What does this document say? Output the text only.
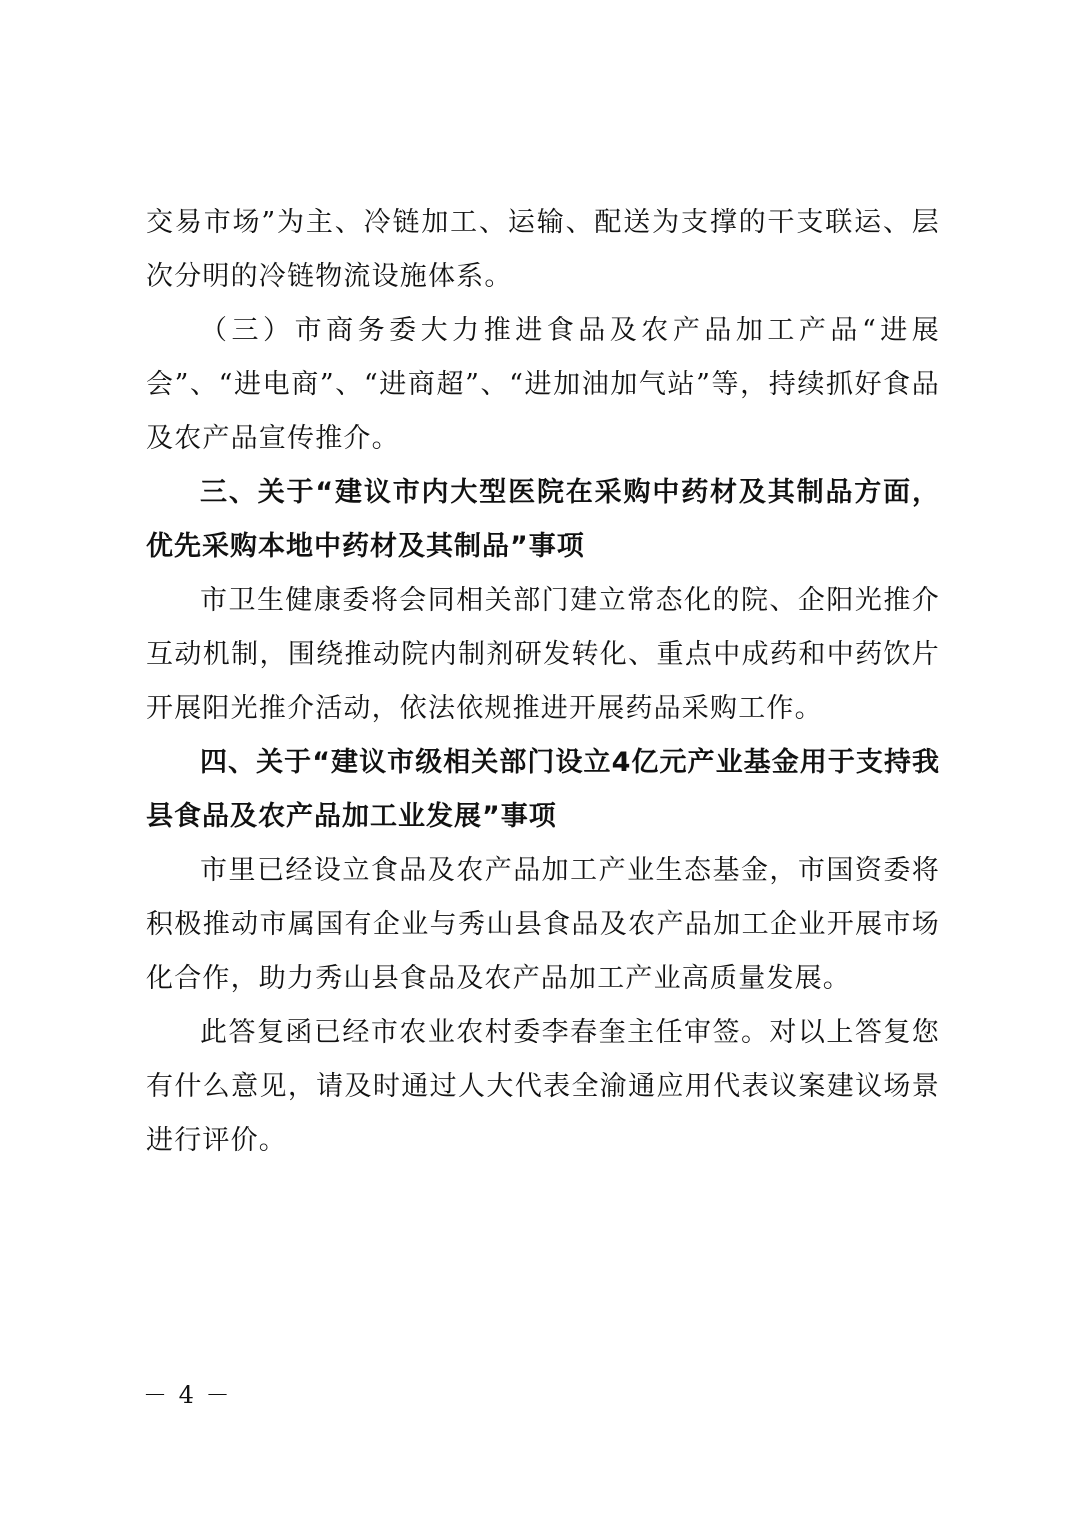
交易市场”为主、冷链加工、运输、配送为支撑的干支联运、层次分明的冷链物流设施体系。

（三）市商务委大力推进食品及农产品加工产品“进展会”、“进电商”、“进商超”、“进加油加气站”等，持续抓好食品及农产品宣传推介。

三、关于“建议市内大型医院在采购中药材及其制品方面，优先采购本地中药材及其制品”事项

市卫生健康委将会同相关部门建立常态化的院、企阳光推介互动机制，围绕推动院内制剂研发转化、重点中成药和中药饮片开展阳光推介活动，依法依规推进开展药品采购工作。

四、关于“建议市级相关部门设立4亿元产业基金用于支持我县食品及农产品加工业发展”事项

市里已经设立食品及农产品加工产业生态基金，市国资委将积极推动市属国有企业与秀山县食品及农产品加工企业开展市场化合作，助力秀山县食品及农产品加工产业高质量发展。

此答复函已经市农业农村委李春奎主任审签。对以上答复您有什么意见，请及时通过人大代表全渝通应用代表议案建议场景进行评价。

－ 4 －
